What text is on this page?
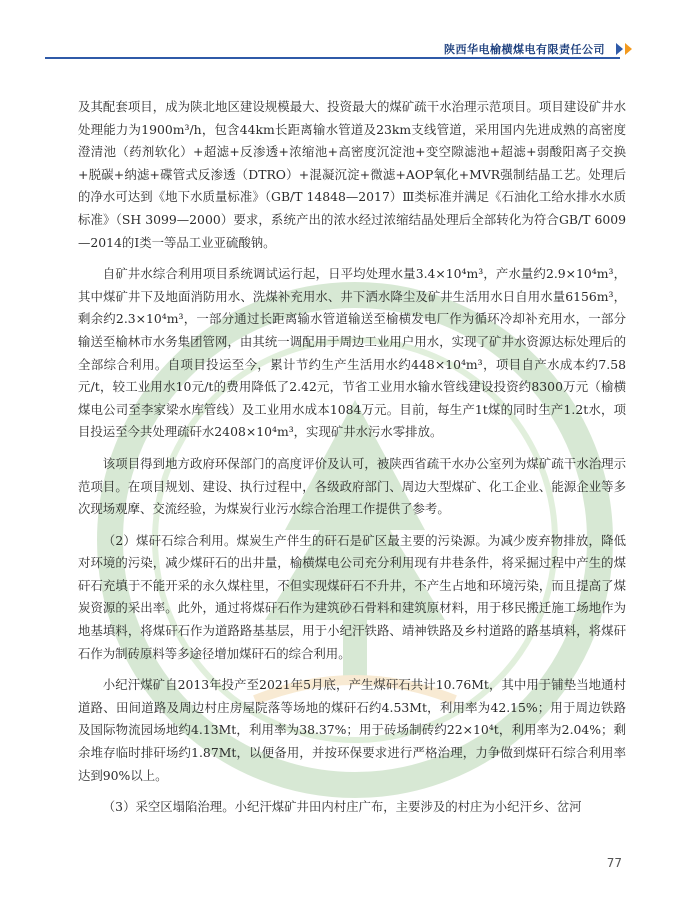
陕西华电榆横煤电有限责任公司

及其配套项目，成为陕北地区建设规模最大、投资最大的煤矿疏干水治理示范项目。项目建设矿井水处理能力为1900m³/h，包含44km长距离输水管道及23km支线管道，采用国内先进成熟的高密度澄清池（药剂软化）+超滤+反渗透+浓缩池+高密度沉淀池+变空隙滤池+超滤+弱酸阳离子交换+脱碳+纳滤+碟管式反渗透（DTRO）+混凝沉淀+微滤+AOP氧化+MVR强制结晶工艺。处理后的净水可达到《地下水质量标准》（GB/T 14848—2017）Ⅲ类标准并满足《石油化工给水排水水质标准》（SH 3099—2000）要求，系统产出的浓水经过浓缩结晶处理后全部转化为符合GB/T 6009—2014的Ⅰ类一等品工业亚硫酸钠。

自矿井水综合利用项目系统调试运行起，日平均处理水量3.4×10⁴m³，产水量约2.9×10⁴m³，其中煤矿井下及地面消防用水、洗煤补充用水、井下洒水降尘及矿井生活用水日自用水量6156m³，剩余约2.3×10⁴m³，一部分通过长距离输水管道输送至榆横发电厂作为循环冷却补充用水，一部分输送至榆林市水务集团管网，由其统一调配用于周边工业用户用水，实现了矿井水资源达标处理后的全部综合利用。自项目投运至今，累计节约生产生活用水约448×10⁴m³，项目自产水成本约7.58元/t，较工业用水10元/t的费用降低了2.42元，节省工业用水输水管线建设投资约8300万元（榆横煤电公司至李家梁水库管线）及工业用水成本1084万元。目前，每生产1t煤的同时生产1.2t水，项目投运至今共处理疏矸水2408×10⁴m³，实现矿井水污水零排放。

该项目得到地方政府环保部门的高度评价及认可，被陕西省疏干水办公室列为煤矿疏干水治理示范项目。在项目规划、建设、执行过程中，各级政府部门、周边大型煤矿、化工企业、能源企业等多次现场观摩、交流经验，为煤炭行业污水综合治理工作提供了参考。

（2）煤矸石综合利用。煤炭生产伴生的矸石是矿区最主要的污染源。为减少废弃物排放，降低对环境的污染，减少煤矸石的出井量，榆横煤电公司充分利用现有井巷条件，将采掘过程中产生的煤矸石充填于不能开采的永久煤柱里，不但实现煤矸石不升井，不产生占地和环境污染，而且提高了煤炭资源的采出率。此外，通过将煤矸石作为建筑砂石骨料和建筑原材料，用于移民搬迁施工场地作为地基填料，将煤矸石作为道路路基基层，用于小纪汗铁路、靖神铁路及乡村道路的路基填料，将煤矸石作为制砖原料等多途径增加煤矸石的综合利用。

小纪汗煤矿自2013年投产至2021年5月底，产生煤矸石共计10.76Mt，其中用于铺垫当地通村道路、田间道路及周边村庄房屋院落等场地的煤矸石约4.53Mt，利用率为42.15%；用于周边铁路及国际物流园场地约4.13Mt，利用率为38.37%；用于砖场制砖约22×10⁴t，利用率为2.04%；剩余堆存临时排矸场约1.87Mt，以便备用，并按环保要求进行严格治理，力争做到煤矸石综合利用率达到90%以上。

（3）采空区塌陷治理。小纪汗煤矿井田内村庄广布，主要涉及的村庄为小纪汗乡、岔河

77
